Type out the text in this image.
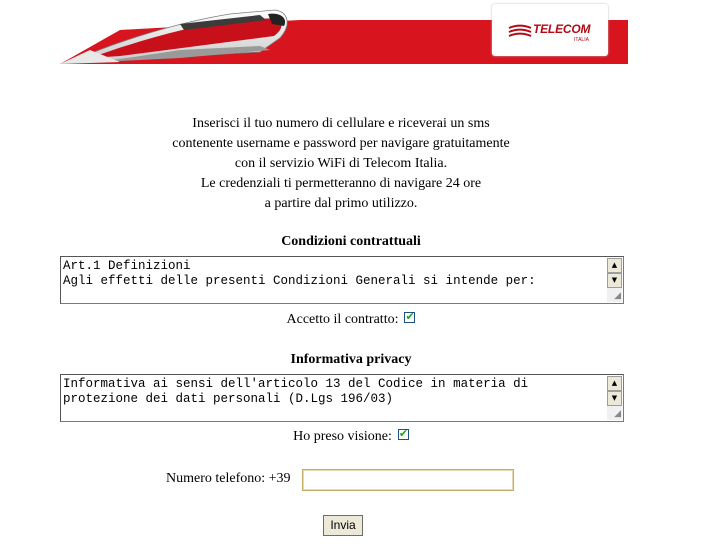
TELECOM
ITALIA
Inserisci il tuo numero di cellulare e riceverai un sms
contenente username e password per navigare gratuitamente
con il servizio WiFi di Telecom Italia.
Le credenziali ti permetteranno di navigare 24 ore
a partire dal primo utilizzo.
Condizioni contrattuali
Art.1 Definizioni
Agli effetti delle presenti Condizioni Generali si intende per:
▲
▼
◢
Accetto il contratto: ✔
Informativa privacy
Informativa ai sensi dell'articolo 13 del Codice in materia di
protezione dei dati personali (D.Lgs 196/03)
▲
▼
◢
Ho preso visione: ✔
Numero telefono: +39
Invia
